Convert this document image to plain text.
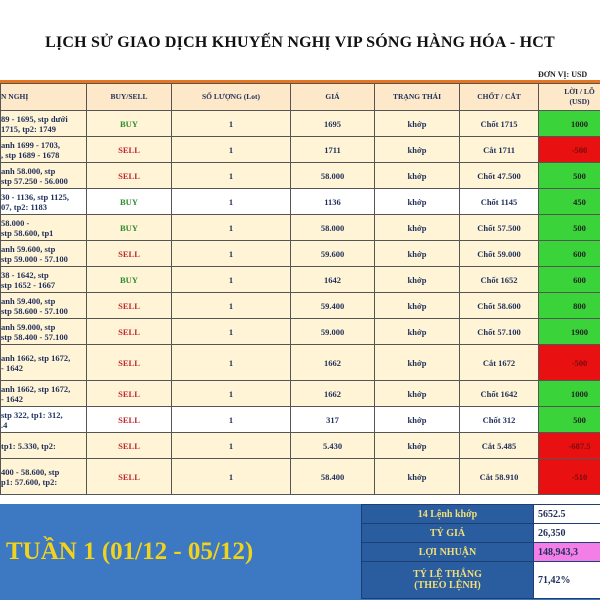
LỊCH SỬ GIAO DỊCH KHUYẾN NGHỊ VIP SÓNG HÀNG HÓA - HCT
ĐƠN VỊ: USD
N NGHỊ	BUY/SELL	SỐ LƯỢNG (Lot)	GIÁ	TRẠNG THÁI	CHỐT / CẮT	LỜI / LỖ
(USD)
89 - 1695, stp dưới
1715, tp2: 1749	BUY	1	1695	khớp	Chốt 1715	1000
anh 1699 - 1703,
, stp 1689 - 1678	SELL	1	1711	khớp	Cắt 1711	-500
anh 58.000, stp
stp 57.250 - 56.000	SELL	1	58.000	khớp	Chốt 47.500	500
30 - 1136, stp 1125,
07, tp2: 1183	BUY	1	1136	khớp	Chốt 1145	450
58.000 -
stp 58.600, tp1	BUY	1	58.000	khớp	Chốt 57.500	500
anh 59.600, stp
stp 59.000 - 57.100	SELL	1	59.600	khớp	Chốt 59.000	600
38 - 1642, stp
stp 1652 - 1667	BUY	1	1642	khớp	Chốt 1652	600
anh 59.400, stp
stp 58.600 - 57.100	SELL	1	59.400	khớp	Chốt 58.600	800
anh 59.000, stp
stp 58.400 - 57.100	SELL	1	59.000	khớp	Chốt 57.100	1900
anh 1662, stp 1672,
- 1642	SELL	1	1662	khớp	Cắt 1672	-500
anh 1662, stp 1672,
- 1642	SELL	1	1662	khớp	Chốt 1642	1000
stp 322, tp1: 312,
.4	SELL	1	317	khớp	Chốt 312	500
tp1: 5.330, tp2:	SELL	1	5.430	khớp	Cắt 5.485	-687.5
400 - 58.600, stp
p1: 57.600, tp2:	SELL	1	58.400	khớp	Cắt 58.910	-510
TUẦN 1 (01/12 - 05/12)
14 Lệnh khớp	5652.5
TỶ GIÁ	26,350
LỢI NHUẬN	148,943,3
TỶ LỆ THẮNG
(THEO LỆNH)	71,42%
